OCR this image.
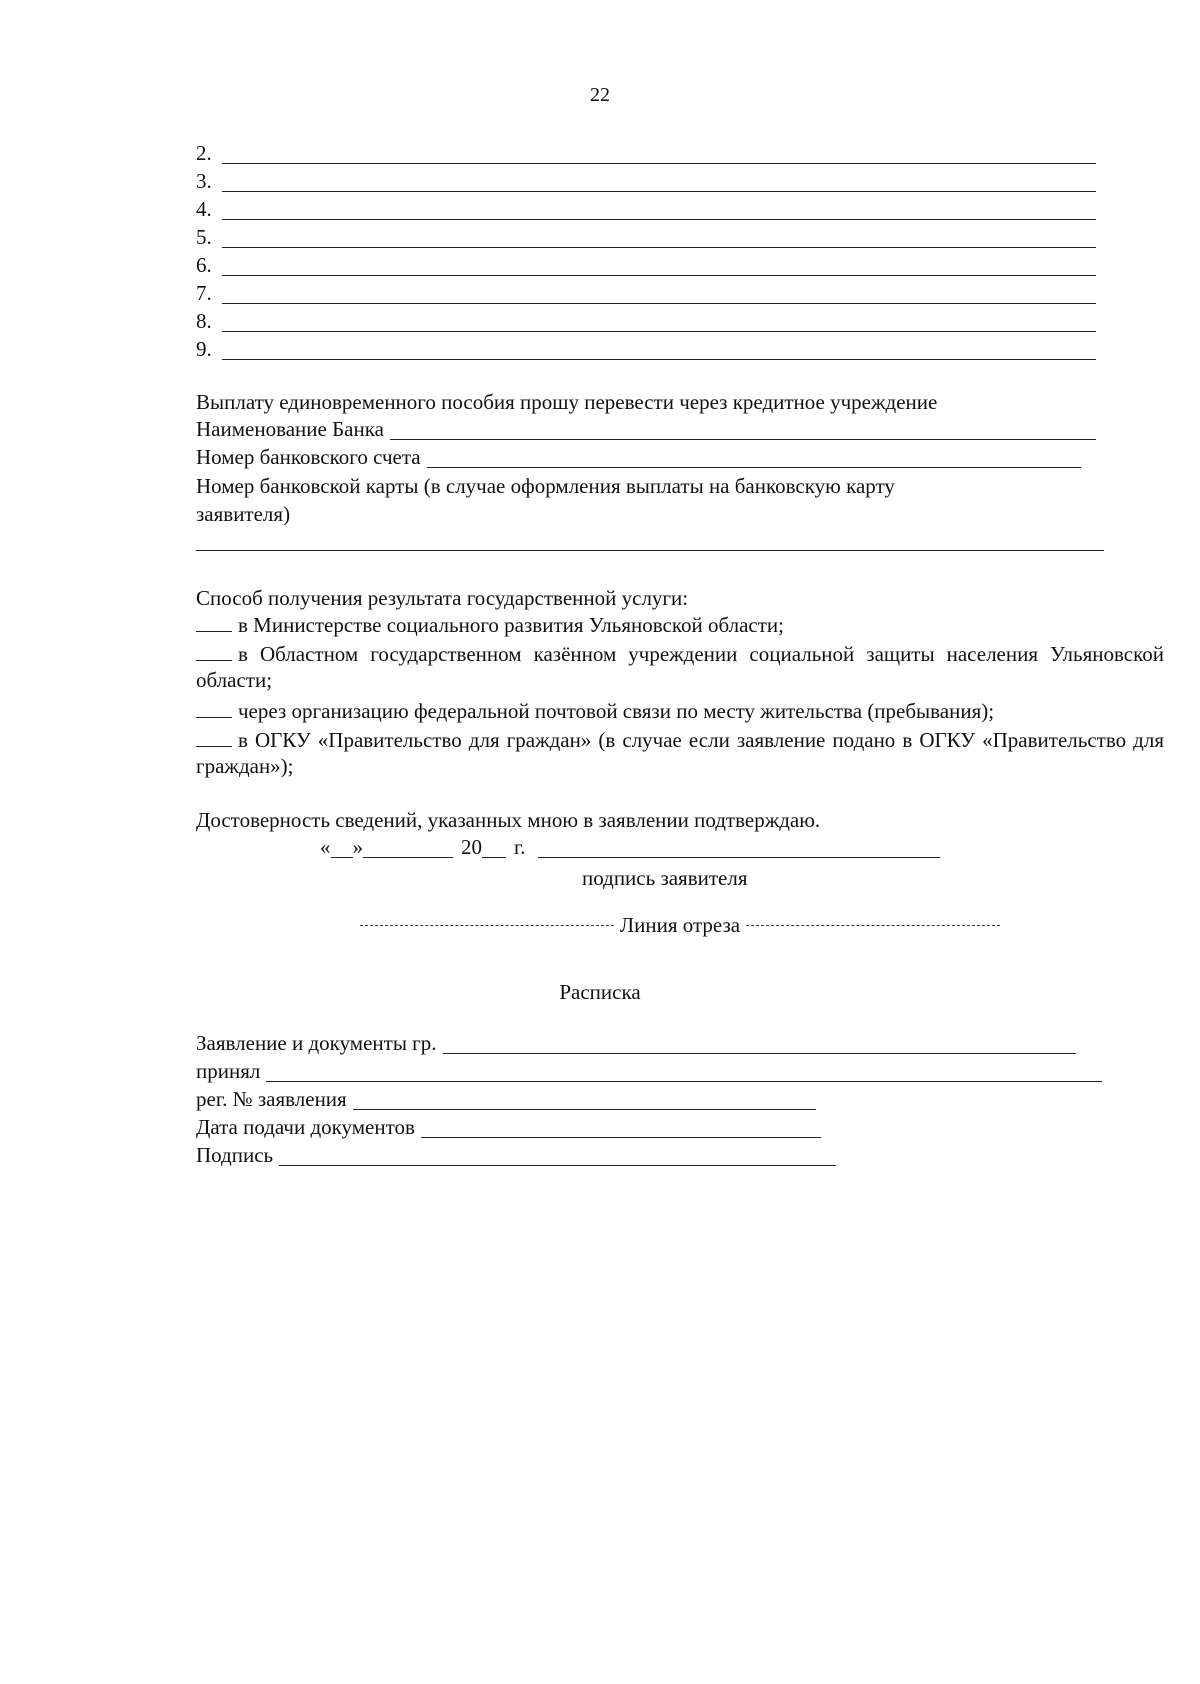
22
2.
3.
4.
5.
6.
7.
8.
9.
Выплату единовременного пособия прошу перевести через кредитное учреждение
Наименование Банка
Номер банковского счета
Номер банковской карты (в случае оформления выплаты на банковскую карту
заявителя)
Способ получения результата государственной услуги:
в Министерстве социального развития Ульяновской области;
в Областном государственном казённом учреждении социальной защиты населения Ульяновской области;
через организацию федеральной почтовой связи по месту жительства (пребывания);
в ОГКУ «Правительство для граждан» (в случае если заявление подано в ОГКУ «Правительство для граждан»);
Достоверность сведений, указанных мною в заявлении подтверждаю.
« »	20 г.
подпись заявителя
Линия отреза
Расписка
Заявление и документы гр.
принял
рег. № заявления
Дата подачи документов
Подпись
